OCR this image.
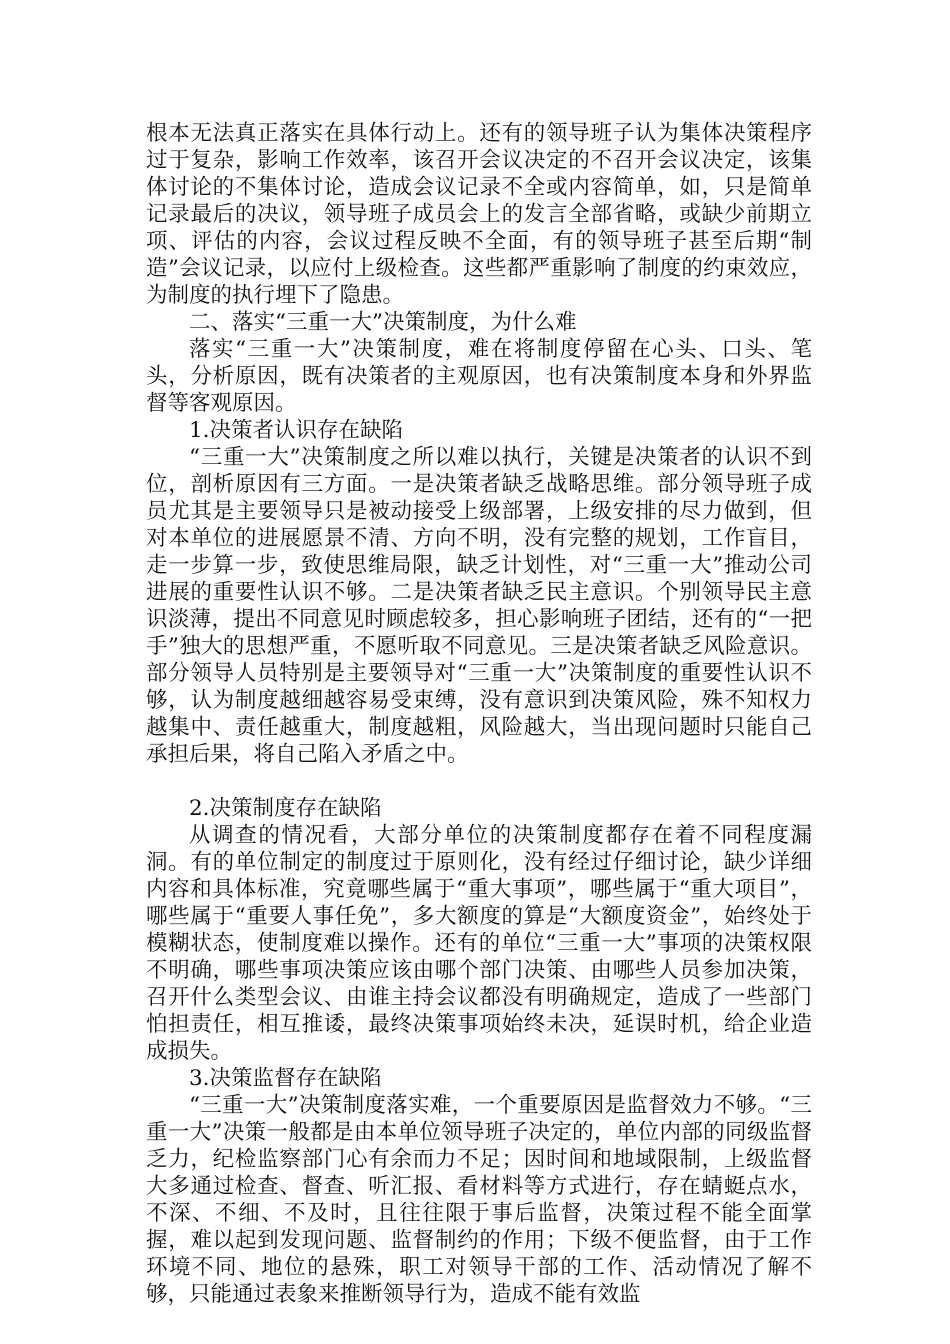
根本无法真正落实在具体行动上。还有的领导班子认为集体决策程序过于复杂，影响工作效率，该召开会议决定的不召开会议决定，该集体讨论的不集体讨论，造成会议记录不全或内容简单，如，只是简单记录最后的决议，领导班子成员会上的发言全部省略，或缺少前期立项、评估的内容，会议过程反映不全面，有的领导班子甚至后期“制造”会议记录，以应付上级检查。这些都严重影响了制度的约束效应，为制度的执行埋下了隐患。

二、落实“三重一大”决策制度，为什么难

落实“三重一大”决策制度，难在将制度停留在心头、口头、笔头，分析原因，既有决策者的主观原因，也有决策制度本身和外界监督等客观原因。

1.决策者认识存在缺陷

“三重一大”决策制度之所以难以执行，关键是决策者的认识不到位，剖析原因有三方面。一是决策者缺乏战略思维。部分领导班子成员尤其是主要领导只是被动接受上级部署，上级安排的尽力做到，但对本单位的进展愿景不清、方向不明，没有完整的规划，工作盲目，走一步算一步，致使思维局限，缺乏计划性，对“三重一大”推动公司进展的重要性认识不够。二是决策者缺乏民主意识。个别领导民主意识淡薄，提出不同意见时顾虑较多，担心影响班子团结，还有的“一把手”独大的思想严重，不愿听取不同意见。三是决策者缺乏风险意识。部分领导人员特别是主要领导对“三重一大”决策制度的重要性认识不够，认为制度越细越容易受束缚，没有意识到决策风险，殊不知权力越集中、责任越重大，制度越粗，风险越大，当出现问题时只能自己承担后果，将自己陷入矛盾之中。

2.决策制度存在缺陷

从调查的情况看，大部分单位的决策制度都存在着不同程度漏洞。有的单位制定的制度过于原则化，没有经过仔细讨论，缺少详细内容和具体标准，究竟哪些属于“重大事项”，哪些属于“重大项目”，哪些属于“重要人事任免”，多大额度的算是“大额度资金”，始终处于模糊状态，使制度难以操作。还有的单位“三重一大”事项的决策权限不明确，哪些事项决策应该由哪个部门决策、由哪些人员参加决策，召开什么类型会议、由谁主持会议都没有明确规定，造成了一些部门怕担责任，相互推诿，最终决策事项始终未决，延误时机，给企业造成损失。

3.决策监督存在缺陷

“三重一大”决策制度落实难，一个重要原因是监督效力不够。“三重一大”决策一般都是由本单位领导班子决定的，单位内部的同级监督乏力，纪检监察部门心有余而力不足；因时间和地域限制，上级监督大多通过检查、督查、听汇报、看材料等方式进行，存在蜻蜓点水，不深、不细、不及时，且往往限于事后监督，决策过程不能全面掌握，难以起到发现问题、监督制约的作用；下级不便监督，由于工作环境不同、地位的悬殊，职工对领导干部的工作、活动情况了解不够，只能通过表象来推断领导行为，造成不能有效监
